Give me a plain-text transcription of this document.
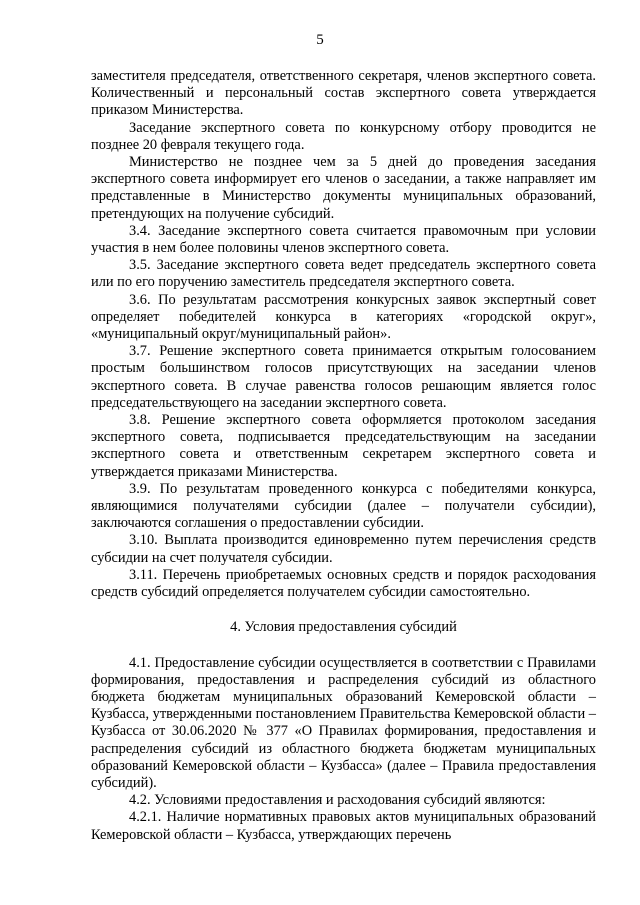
5

заместителя председателя, ответственного секретаря, членов экспертного совета. Количественный и персональный состав экспертного совета утверждается приказом Министерства.

Заседание экспертного совета по конкурсному отбору проводится не позднее 20 февраля текущего года.

Министерство не позднее чем за 5 дней до проведения заседания экспертного совета информирует его членов о заседании, а также направляет им представленные в Министерство документы муниципальных образований, претендующих на получение субсидий.

3.4. Заседание экспертного совета считается правомочным при условии участия в нем более половины членов экспертного совета.

3.5. Заседание экспертного совета ведет председатель экспертного совета или по его поручению заместитель председателя экспертного совета.

3.6. По результатам рассмотрения конкурсных заявок экспертный совет определяет победителей конкурса в категориях «городской округ», «муниципальный округ/муниципальный район».

3.7. Решение экспертного совета принимается открытым голосованием простым большинством голосов присутствующих на заседании членов экспертного совета. В случае равенства голосов решающим является голос председательствующего на заседании экспертного совета.

3.8. Решение экспертного совета оформляется протоколом заседания экспертного совета, подписывается председательствующим на заседании экспертного совета и ответственным секретарем экспертного совета и утверждается приказами Министерства.

3.9. По результатам проведенного конкурса с победителями конкурса, являющимися получателями субсидии (далее – получатели субсидии), заключаются соглашения о предоставлении субсидии.

3.10. Выплата производится единовременно путем перечисления средств субсидии на счет получателя субсидии.

3.11. Перечень приобретаемых основных средств и порядок расходования средств субсидий определяется получателем субсидии самостоятельно.

4. Условия предоставления субсидий

4.1. Предоставление субсидии осуществляется в соответствии с Правилами формирования, предоставления и распределения субсидий из областного бюджета бюджетам муниципальных образований Кемеровской области – Кузбасса, утвержденными постановлением Правительства Кемеровской области – Кузбасса от 30.06.2020 № 377 «О Правилах формирования, предоставления и распределения субсидий из областного бюджета бюджетам муниципальных образований Кемеровской области – Кузбасса» (далее – Правила предоставления субсидий).

4.2. Условиями предоставления и расходования субсидий являются:

4.2.1. Наличие нормативных правовых актов муниципальных образований Кемеровской области – Кузбасса, утверждающих перечень
